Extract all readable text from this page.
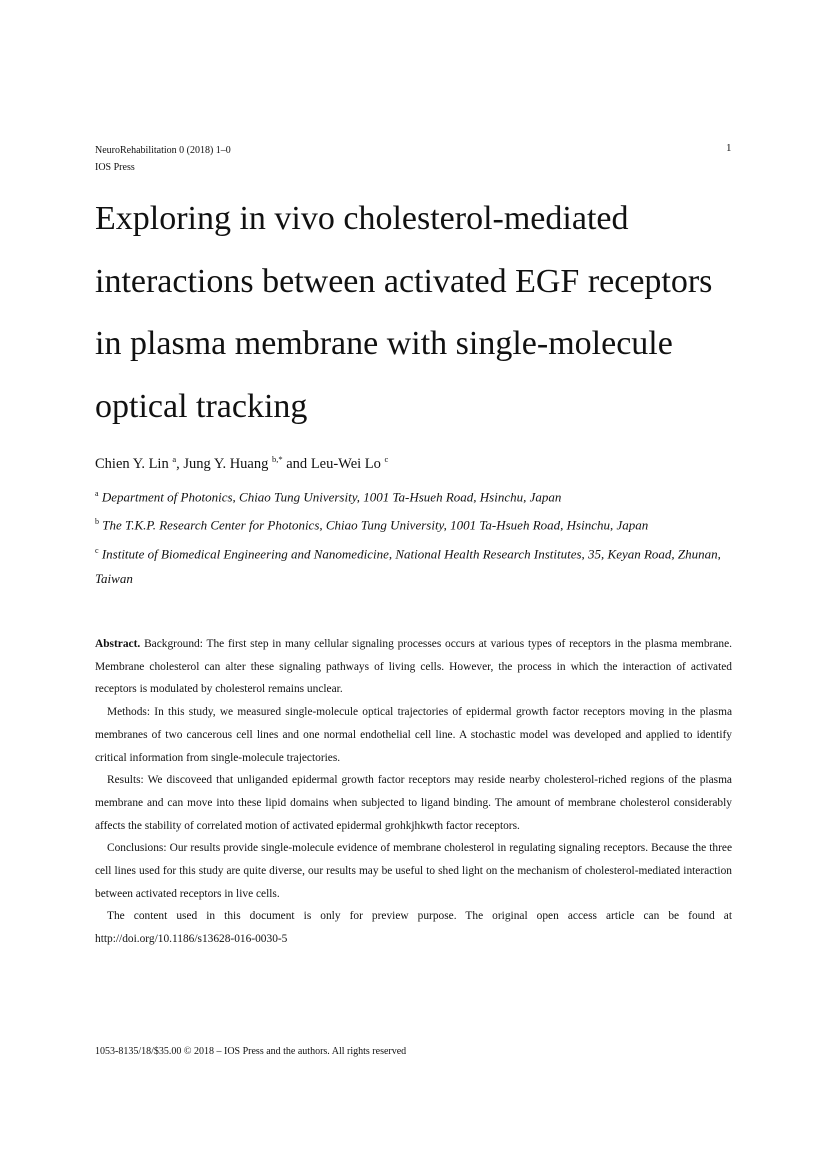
NeuroRehabilitation 0 (2018) 1–0
IOS Press
1
Exploring in vivo cholesterol-mediated
interactions between activated EGF receptors
in plasma membrane with single-molecule
optical tracking
Chien Y. Lin $^a$, Jung Y. Huang $^{b,*}$ and Leu-Wei Lo $^c$
$^a$ Department of Photonics, Chiao Tung University, 1001 Ta-Hsueh Road, Hsinchu, Japan
$^b$ The T.K.P. Research Center for Photonics, Chiao Tung University, 1001 Ta-Hsueh Road, Hsinchu, Japan
$^c$ Institute of Biomedical Engineering and Nanomedicine, National Health Research Institutes, 35, Keyan Road, Zhunan, Taiwan

Abstract. Background: The first step in many cellular signaling processes occurs at various types of receptors in the plasma membrane. Membrane cholesterol can alter these signaling pathways of living cells. However, the process in which the interaction of activated receptors is modulated by cholesterol remains unclear.

Methods: In this study, we measured single-molecule optical trajectories of epidermal growth factor receptors moving in the plasma membranes of two cancerous cell lines and one normal endothelial cell line. A stochastic model was developed and applied to identify critical information from single-molecule trajectories.

Results: We discoveed that unliganded epidermal growth factor receptors may reside nearby cholesterol-riched regions of the plasma membrane and can move into these lipid domains when subjected to ligand binding. The amount of membrane cholesterol considerably affects the stability of correlated motion of activated epidermal grohkjhkwth factor receptors.

Conclusions: Our results provide single-molecule evidence of membrane cholesterol in regulating signaling receptors. Because the three cell lines used for this study are quite diverse, our results may be useful to shed light on the mechanism of cholesterol-mediated interaction between activated receptors in live cells.

The content used in this document is only for preview purpose. The original open access article can be found at http://doi.org/10.1186/s13628-016-0030-5

1053-8135/18/$35.00 © 2018 – IOS Press and the authors. All rights reserved
